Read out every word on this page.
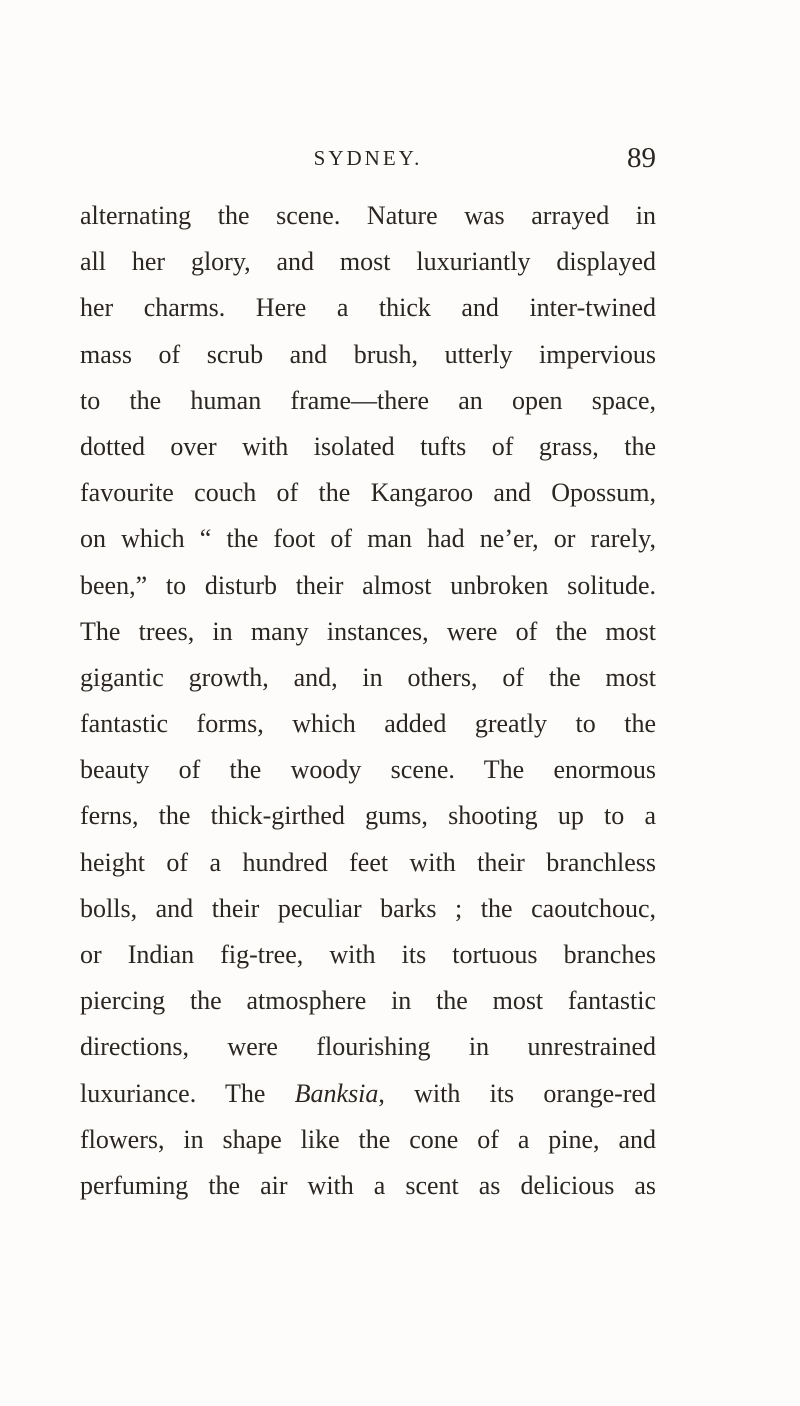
SYDNEY.	89
alternating the scene. Nature was arrayed in
all her glory, and most luxuriantly displayed
her charms. Here a thick and inter-twined
mass of scrub and brush, utterly impervious
to the human frame—there an open space,
dotted over with isolated tufts of grass, the
favourite couch of the Kangaroo and Opossum,
on which “ the foot of man had ne’er, or rarely,
been,” to disturb their almost unbroken solitude.
The trees, in many instances, were of the most
gigantic growth, and, in others, of the most
fantastic forms, which added greatly to the
beauty of the woody scene. The enormous
ferns, the thick-girthed gums, shooting up to a
height of a hundred feet with their branchless
bolls, and their peculiar barks ; the caoutchouc,
or Indian fig-tree, with its tortuous branches
piercing the atmosphere in the most fantastic
directions, were flourishing in unrestrained
luxuriance. The Banksia, with its orange-red
flowers, in shape like the cone of a pine, and
perfuming the air with a scent as delicious as
